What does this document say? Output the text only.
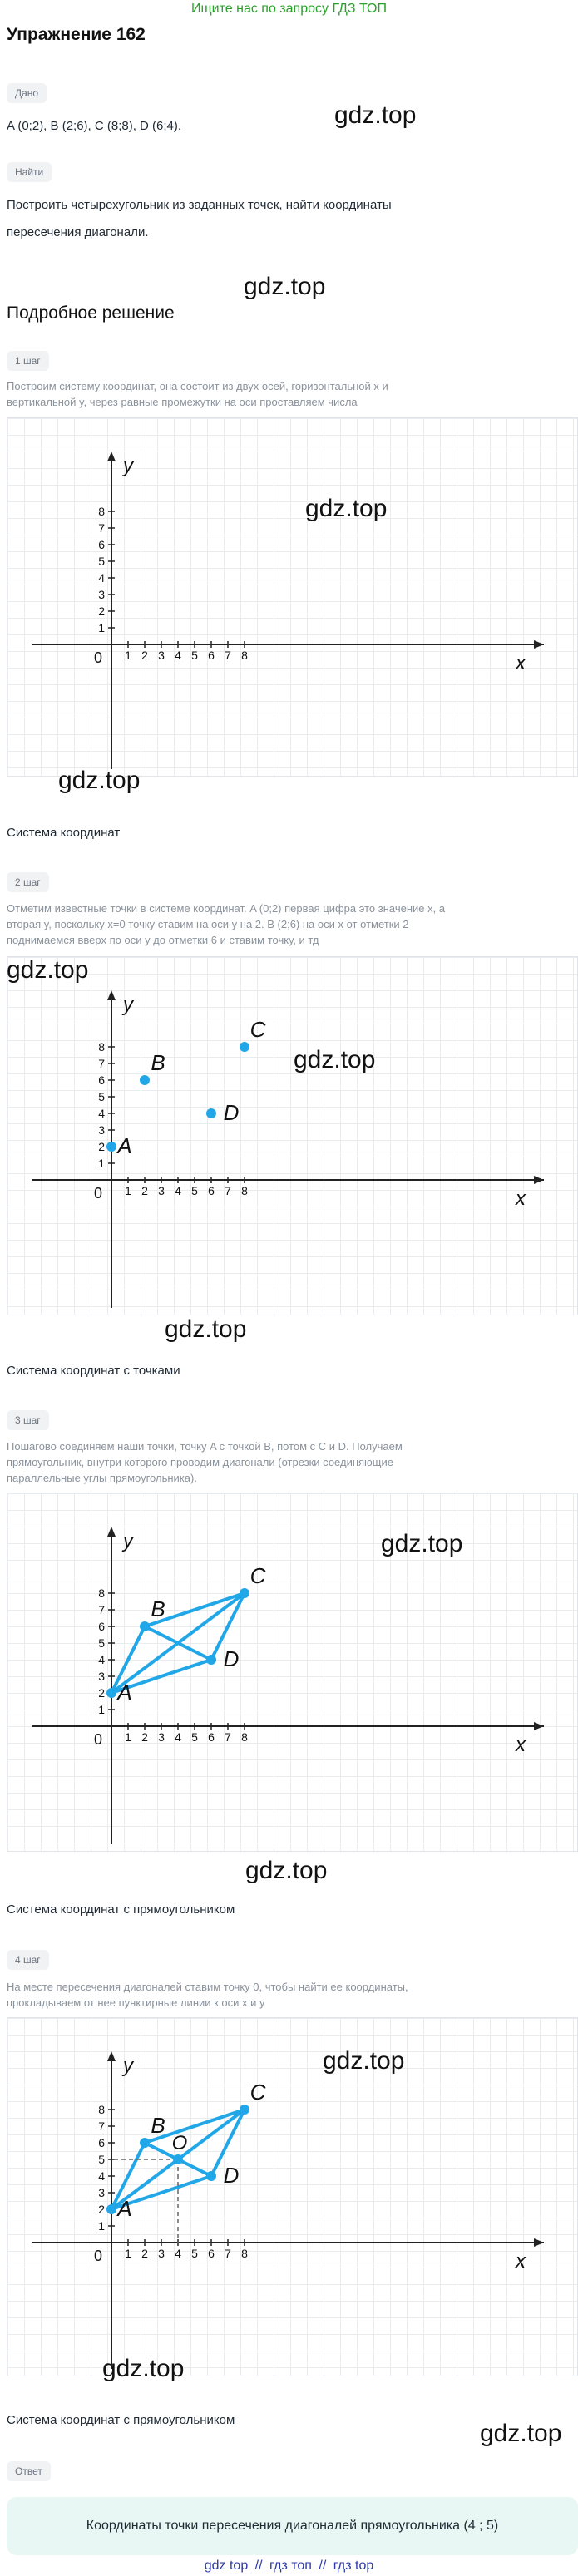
Ищите нас по запросу ГДЗ ТОП
Упражнение 162
Дано
A (0;2), B (2;6), C (8;8), D (6;4).	gdz.top
Найти
Построить четырехугольник из заданных точек, найти координаты
пересечения диагонали.
gdz.top
Подробное решение
1 шаг
Построим систему координат, она состоит из двух осей, горизонтальной x и
вертикальной y, через равные промежутки на оси проставляем числа
1
1
2
2
3
3
4
4
5
5
6
6
7
7
8
8
0	x
y
gdz.top
gdz.top
Система координат
2 шаг
Отметим известные точки в системе координат. A (0;2) первая цифра это значение x, а
вторая y, поскольку x=0 точку ставим на оси y на 2. B (2;6) на оси x от отметки 2
поднимаемся вверх по оси y до отметки 6 и ставим точку, и тд
1
1
2
2
3
3
4
4
5
5
6
6
7
7
8
8
0	x
y
A
B
C
D
gdz.top
gdz.top
gdz.top
Система координат с точками
3 шаг
Пошагово соединяем наши точки, точку A с точкой B, потом с C и D. Получаем
прямоугольник, внутри которого проводим диагонали (отрезки соединяющие
параллельные углы прямоугольника).
1
1
2
2
3
3
4
4
5
5
6
6
7
7
8
8
0	x
y
A
B
C
D
gdz.top
gdz.top
Система координат с прямоугольником
4 шаг
На месте пересечения диагоналей ставим точку 0, чтобы найти ее координаты,
прокладываем от нее пунктирные линии к оси x и y
1
1
2
2
3
3
4
4
5
5
6
6
7
7
8
8
0	x
y
O
A
B
C
D
gdz.top
gdz.top
Система координат с прямоугольником	gdz.top
Ответ
Координаты точки пересечения диагоналей прямоугольника (4 ; 5)
gdz top // гдз топ // гдз top
